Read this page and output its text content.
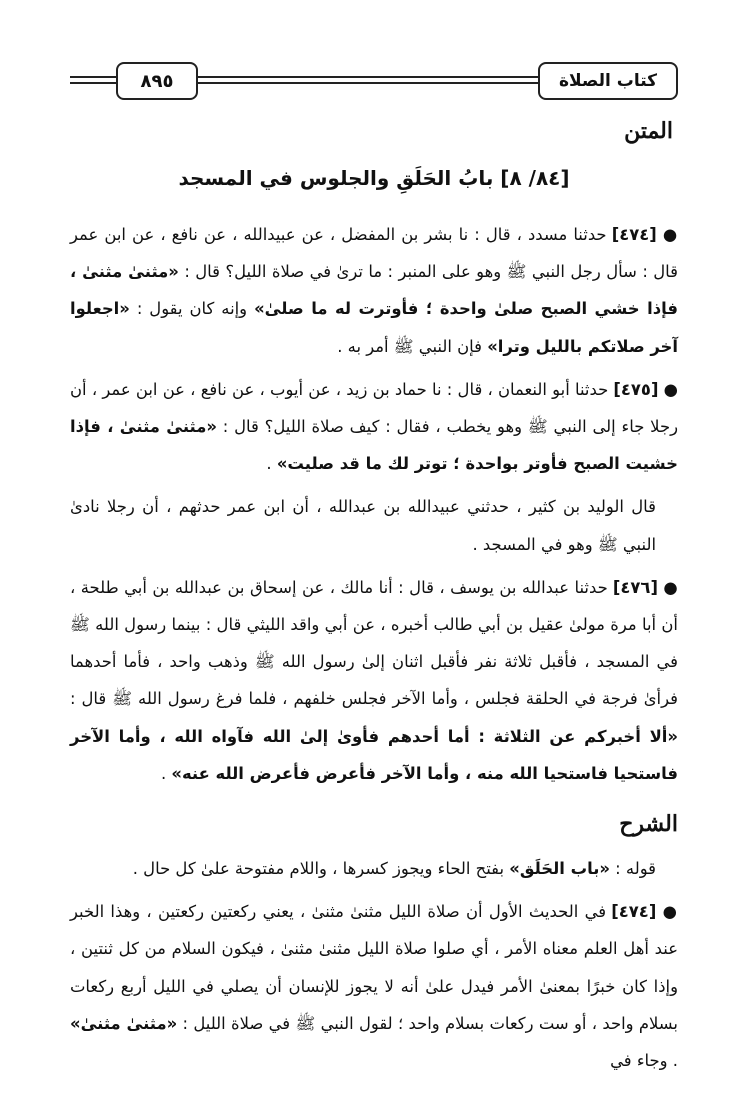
كتاب الصلاة
٨٩٥
المتن
[٨٤/ ٨] بابُ الحَلَقِ والجلوس في المسجد

● [٤٧٤] حدثنا مسدد ، قال : نا بشر بن المفضل ، عن عبيدالله ، عن نافع ، عن ابن عمر قال : سأل رجل النبي ﷺ وهو على المنبر : ما ترىٰ في صلاة الليل؟ قال : «مثنىٰ مثنىٰ ، فإذا خشي الصبح صلىٰ واحدة ؛ فأوترت له ما صلىٰ» وإنه كان يقول : «اجعلوا آخر صلاتكم بالليل وترا» فإن النبي ﷺ أمر به .

● [٤٧٥] حدثنا أبو النعمان ، قال : نا حماد بن زيد ، عن أيوب ، عن نافع ، عن ابن عمر ، أن رجلا جاء إلى النبي ﷺ وهو يخطب ، فقال : كيف صلاة الليل؟ قال : «مثنىٰ مثنىٰ ، فإذا خشيت الصبح فأوتر بواحدة ؛ توتر لك ما قد صليت» .

قال الوليد بن كثير ، حدثني عبيدالله بن عبدالله ، أن ابن عمر حدثهم ، أن رجلا نادىٰ النبي ﷺ وهو في المسجد .

● [٤٧٦] حدثنا عبدالله بن يوسف ، قال : أنا مالك ، عن إسحاق بن عبدالله بن أبي طلحة ، أن أبا مرة مولىٰ عقيل بن أبي طالب أخبره ، عن أبي واقد الليثي قال : بينما رسول الله ﷺ في المسجد ، فأقبل ثلاثة نفر فأقبل اثنان إلىٰ رسول الله ﷺ وذهب واحد ، فأما أحدهما فرأىٰ فرجة في الحلقة فجلس ، وأما الآخر فجلس خلفهم ، فلما فرغ رسول الله ﷺ قال : «ألا أخبركم عن الثلاثة : أما أحدهم فأوىٰ إلىٰ الله فآواه الله ، وأما الآخر فاستحيا فاستحيا الله منه ، وأما الآخر فأعرض فأعرض الله عنه» .

الشرح

قوله : «باب الحَلَق» بفتح الحاء ويجوز كسرها ، واللام مفتوحة علىٰ كل حال .

● [٤٧٤] في الحديث الأول أن صلاة الليل مثنىٰ مثنىٰ ، يعني ركعتين ركعتين ، وهذا الخبر عند أهل العلم معناه الأمر ، أي صلوا صلاة الليل مثنىٰ مثنىٰ ، فيكون السلام من كل ثنتين ، وإذا كان خبرًا بمعنىٰ الأمر فيدل علىٰ أنه لا يجوز للإنسان أن يصلي في الليل أربع ركعات بسلام واحد ، أو ست ركعات بسلام واحد ؛ لقول النبي ﷺ في صلاة الليل : «مثنىٰ مثنىٰ» . وجاء في
